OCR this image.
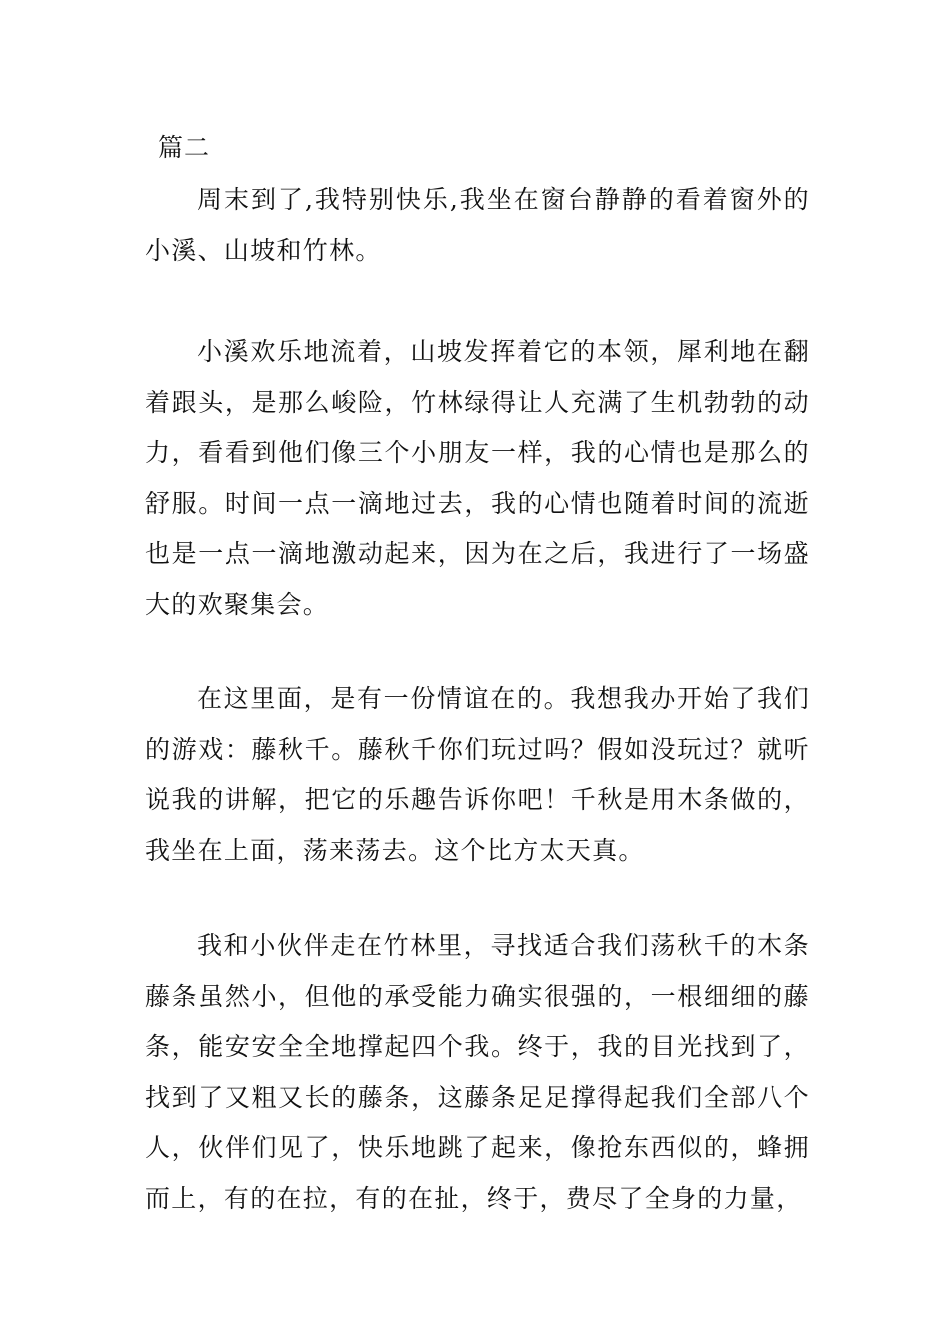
篇二

周末到了,我特别快乐,我坐在窗台静静的看着窗外的小溪、山坡和竹林。

小溪欢乐地流着，山坡发挥着它的本领，犀利地在翻着跟头，是那么峻险，竹林绿得让人充满了生机勃勃的动力，看看到他们像三个小朋友一样，我的心情也是那么的舒服。时间一点一滴地过去，我的心情也随着时间的流逝也是一点一滴地激动起来，因为在之后，我进行了一场盛大的欢聚集会。

在这里面，是有一份情谊在的。我想我办开始了我们的游戏：藤秋千。藤秋千你们玩过吗？假如没玩过？就听说我的讲解，把它的乐趣告诉你吧！千秋是用木条做的，我坐在上面，荡来荡去。这个比方太天真。

我和小伙伴走在竹林里，寻找适合我们荡秋千的木条藤条虽然小，但他的承受能力确实很强的，一根细细的藤条，能安安全全地撑起四个我。终于，我的目光找到了，找到了又粗又长的藤条，这藤条足足撑得起我们全部八个人，伙伴们见了，快乐地跳了起来，像抢东西似的，蜂拥而上，有的在拉，有的在扯，终于，费尽了全身的力量，
